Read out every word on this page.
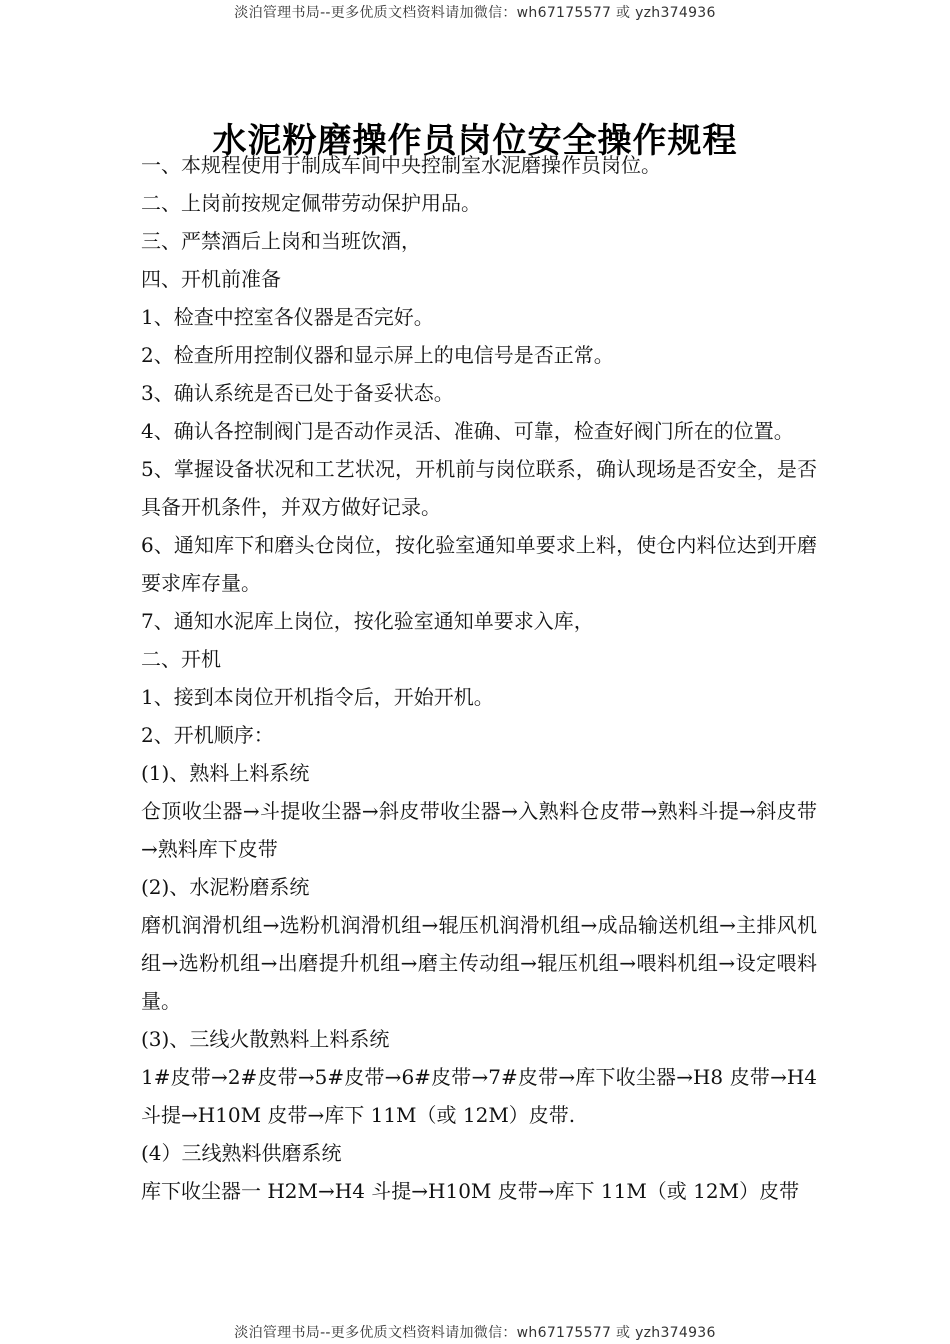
淡泊管理书局--更多优质文档资料请加微信：wh67175577 或 yzh374936
水泥粉磨操作员岗位安全操作规程

一、本规程使用于制成车间中央控制室水泥磨操作员岗位。

二、上岗前按规定佩带劳动保护用品。

三、严禁酒后上岗和当班饮酒，

四、开机前准备

1、检查中控室各仪器是否完好。

2、检查所用控制仪器和显示屏上的电信号是否正常。

3、确认系统是否已处于备妥状态。

4、确认各控制阀门是否动作灵活、准确、可靠，检查好阀门所在的位置。

5、掌握设备状况和工艺状况，开机前与岗位联系，确认现场是否安全，是否具备开机条件，并双方做好记录。

6、通知库下和磨头仓岗位，按化验室通知单要求上料，使仓内料位达到开磨要求库存量。

7、通知水泥库上岗位，按化验室通知单要求入库，

二、开机

1、接到本岗位开机指令后，开始开机。

2、开机顺序：

(1)、熟料上料系统

仓顶收尘器→斗提收尘器→斜皮带收尘器→入熟料仓皮带→熟料斗提→斜皮带→熟料库下皮带

(2)、水泥粉磨系统

磨机润滑机组→选粉机润滑机组→辊压机润滑机组→成品输送机组→主排风机组→选粉机组→出磨提升机组→磨主传动组→辊压机组→喂料机组→设定喂料量。

(3)、三线火散熟料上料系统

1#皮带→2#皮带→5#皮带→6#皮带→7#皮带→库下收尘器→H8 皮带→H4 斗提→H10M 皮带→库下 11M（或 12M）皮带.

(4）三线熟料供磨系统

库下收尘器一 H2M→H4 斗提→H10M 皮带→库下 11M（或 12M）皮带

淡泊管理书局--更多优质文档资料请加微信：wh67175577 或 yzh374936
